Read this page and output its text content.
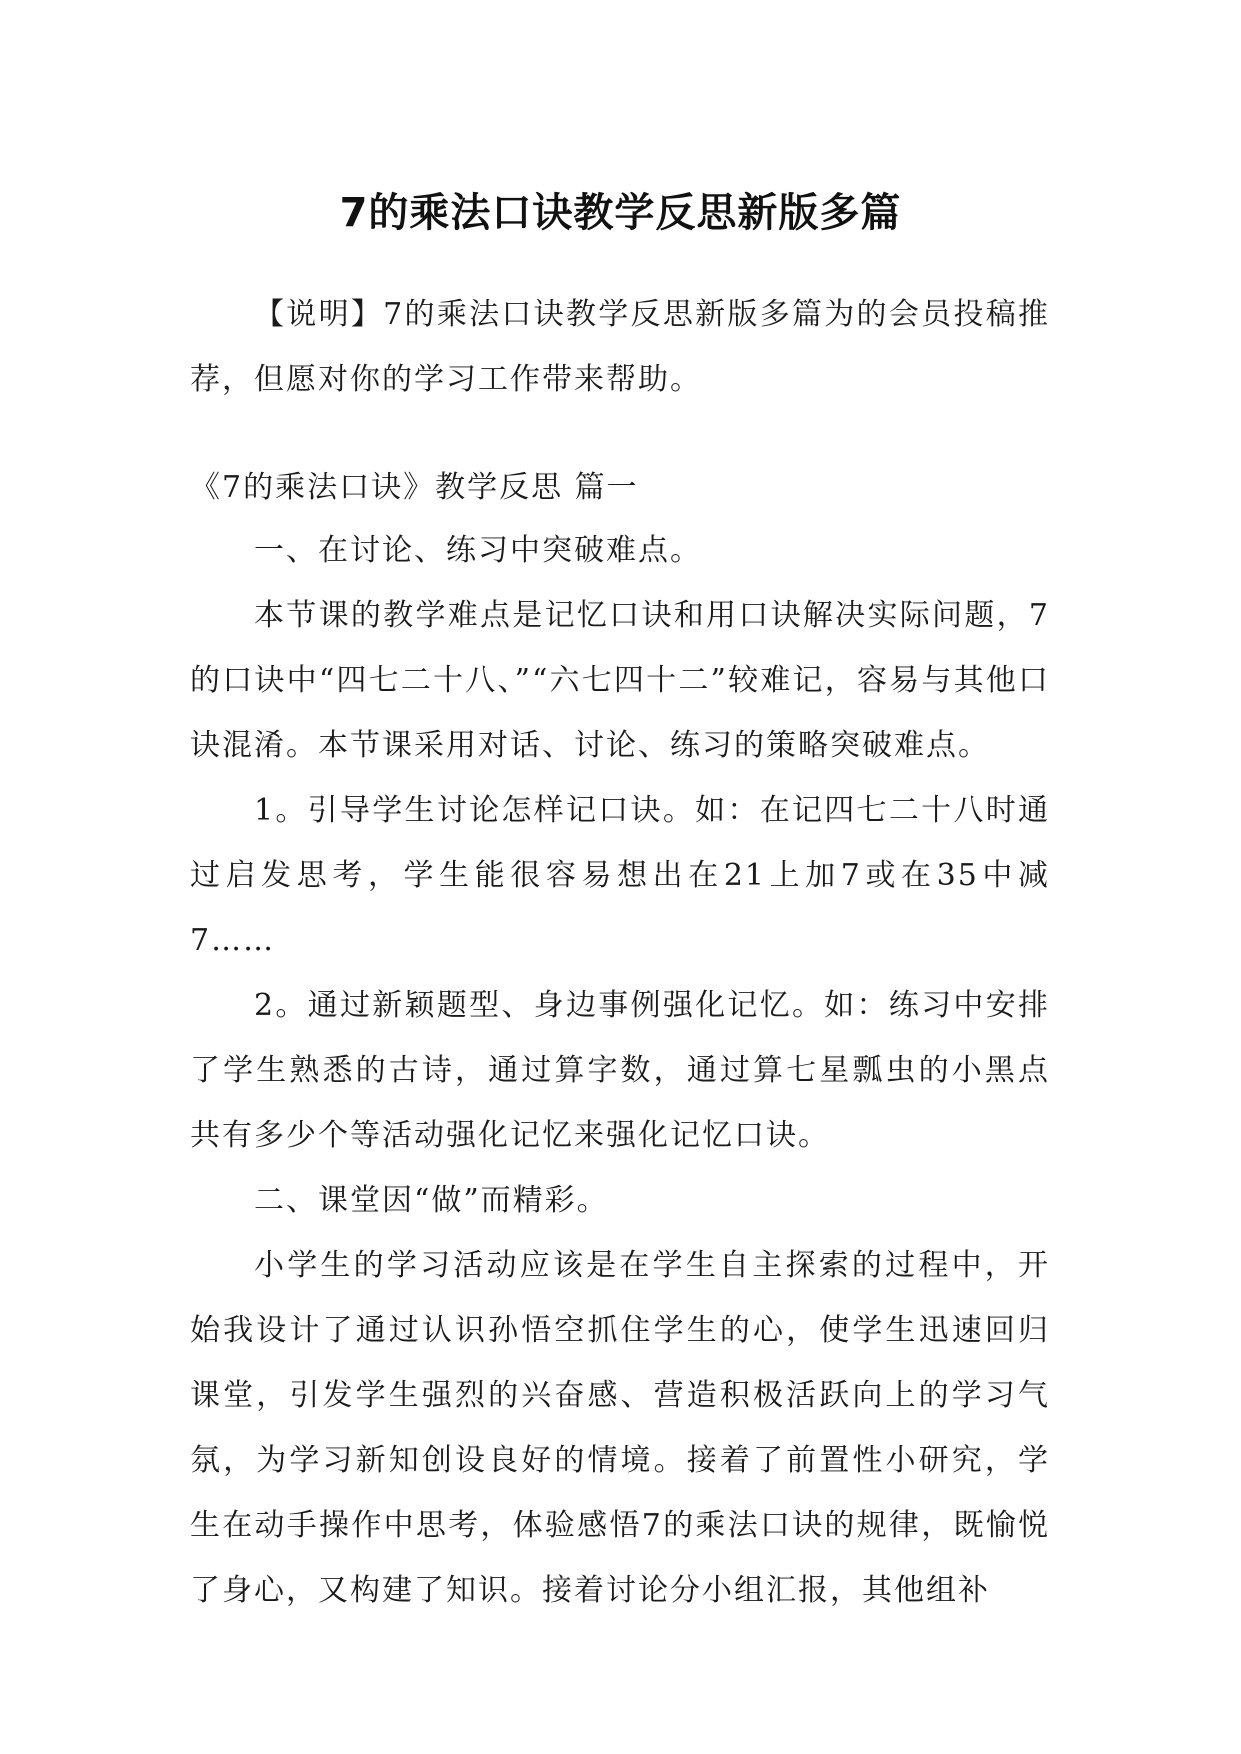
7的乘法口诀教学反思新版多篇

【说明】7的乘法口诀教学反思新版多篇为的会员投稿推荐，但愿对你的学习工作带来帮助。

《7的乘法口诀》教学反思 篇一

一、在讨论、练习中突破难点。

本节课的教学难点是记忆口诀和用口诀解决实际问题，7的口诀中“四七二十八、”“六七四十二”较难记，容易与其他口诀混淆。本节课采用对话、讨论、练习的策略突破难点。

1。引导学生讨论怎样记口诀。如：在记四七二十八时通过启发思考，学生能很容易想出在21上加7或在35中减7……

2。通过新颖题型、身边事例强化记忆。如：练习中安排了学生熟悉的古诗，通过算字数，通过算七星瓢虫的小黑点共有多少个等活动强化记忆来强化记忆口诀。

二、课堂因“做”而精彩。

小学生的学习活动应该是在学生自主探索的过程中，开始我设计了通过认识孙悟空抓住学生的心，使学生迅速回归课堂，引发学生强烈的兴奋感、营造积极活跃向上的学习气氛，为学习新知创设良好的情境。接着了前置性小研究，学生在动手操作中思考，体验感悟7的乘法口诀的规律，既愉悦了身心，又构建了知识。接着讨论分小组汇报，其他组补
